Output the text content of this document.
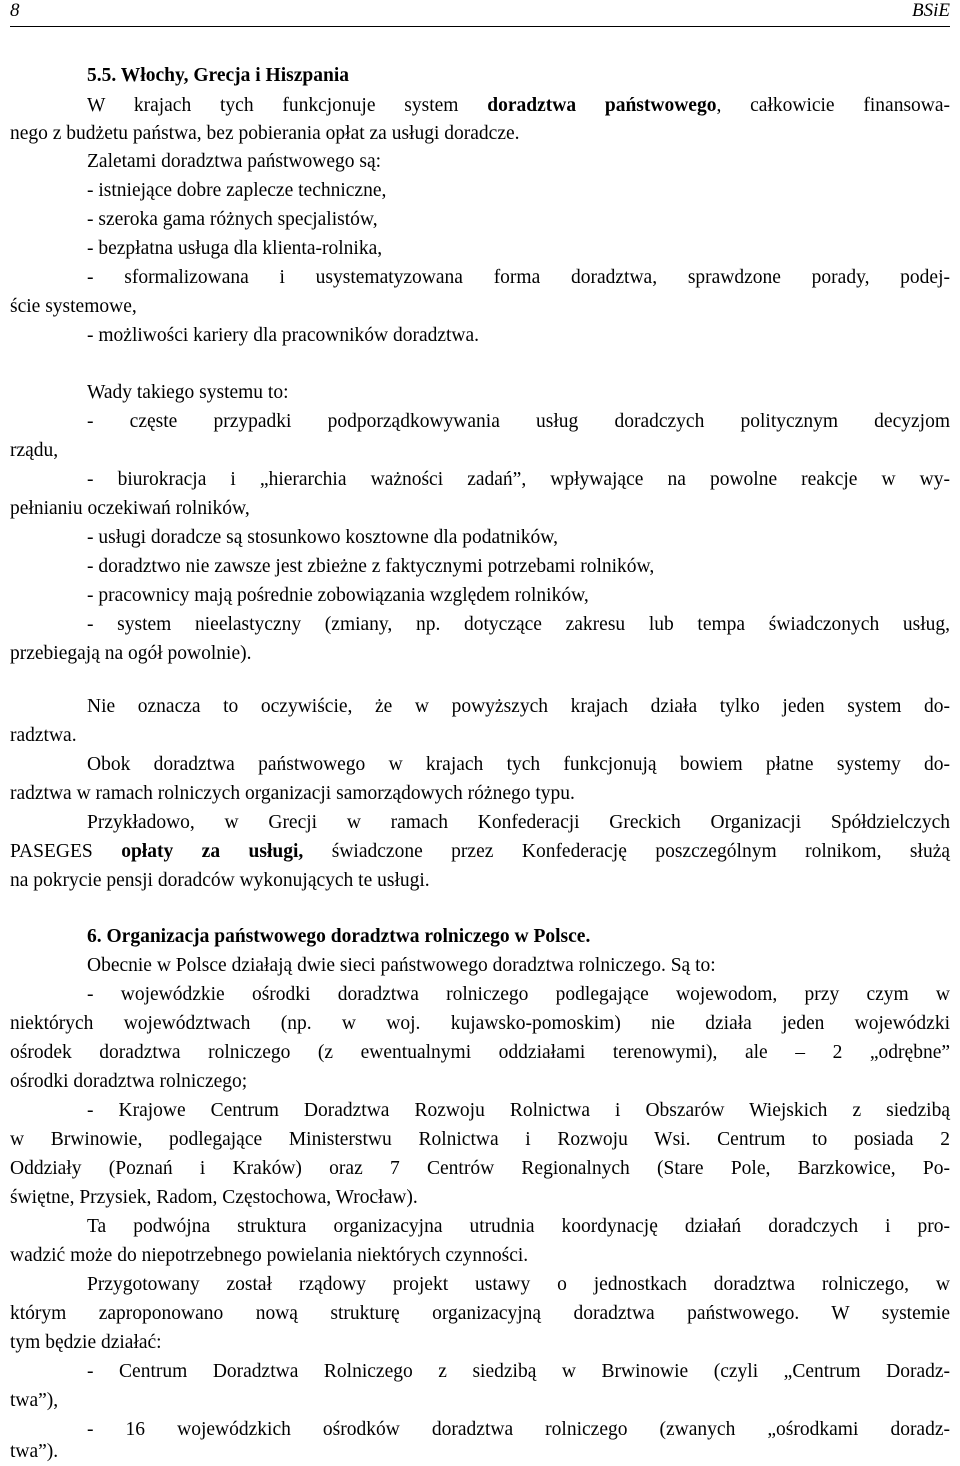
8	BSiE
5.5. Włochy, Grecja i Hiszpania
W krajach tych funkcjonuje system doradztwa państwowego, całkowicie finansowa-
nego z budżetu państwa, bez pobierania opłat za usługi doradcze.
Zaletami doradztwa państwowego są:
- istniejące dobre zaplecze techniczne,
- szeroka gama różnych specjalistów,
- bezpłatna usługa dla klienta-rolnika,
- sformalizowana i usystematyzowana forma doradztwa, sprawdzone porady, podej-
ście systemowe,
- możliwości kariery dla pracowników doradztwa.
Wady takiego systemu to:
- częste przypadki podporządkowywania usług doradczych politycznym decyzjom
rządu,
- biurokracja i „hierarchia ważności zadań”, wpływające na powolne reakcje w wy-
pełnianiu oczekiwań rolników,
- usługi doradcze są stosunkowo kosztowne dla podatników,
- doradztwo nie zawsze jest zbieżne z faktycznymi potrzebami rolników,
- pracownicy mają pośrednie zobowiązania względem rolników,
- system nieelastyczny (zmiany, np. dotyczące zakresu lub tempa świadczonych usług,
przebiegają na ogół powolnie).
Nie oznacza to oczywiście, że w powyższych krajach działa tylko jeden system do-
radztwa.
Obok doradztwa państwowego w krajach tych funkcjonują bowiem płatne systemy do-
radztwa w ramach rolniczych organizacji samorządowych różnego typu.
Przykładowo, w Grecji w ramach Konfederacji Greckich Organizacji Spółdzielczych
PASEGES opłaty za usługi, świadczone przez Konfederację poszczególnym rolnikom, służą
na pokrycie pensji doradców wykonujących te usługi.
6. Organizacja państwowego doradztwa rolniczego w Polsce.
Obecnie w Polsce działają dwie sieci państwowego doradztwa rolniczego. Są to:
- wojewódzkie ośrodki doradztwa rolniczego podlegające wojewodom, przy czym w
niektórych województwach (np. w woj. kujawsko-pomoskim) nie działa jeden wojewódzki
ośrodek doradztwa rolniczego (z ewentualnymi oddziałami terenowymi), ale – 2 „odrębne”
ośrodki doradztwa rolniczego;
- Krajowe Centrum Doradztwa Rozwoju Rolnictwa i Obszarów Wiejskich z siedzibą
w Brwinowie, podlegające Ministerstwu Rolnictwa i Rozwoju Wsi. Centrum to posiada 2
Oddziały (Poznań i Kraków) oraz 7 Centrów Regionalnych (Stare Pole, Barzkowice, Po-
świętne, Przysiek, Radom, Częstochowa, Wrocław).
Ta podwójna struktura organizacyjna utrudnia koordynację działań doradczych i pro-
wadzić może do niepotrzebnego powielania niektórych czynności.
Przygotowany został rządowy projekt ustawy o jednostkach doradztwa rolniczego, w
którym zaproponowano nową strukturę organizacyjną doradztwa państwowego. W systemie
tym będzie działać:
- Centrum Doradztwa Rolniczego z siedzibą w Brwinowie (czyli „Centrum Doradz-
twa”),
- 16 wojewódzkich ośrodków doradztwa rolniczego (zwanych „ośrodkami doradz-
twa”).
